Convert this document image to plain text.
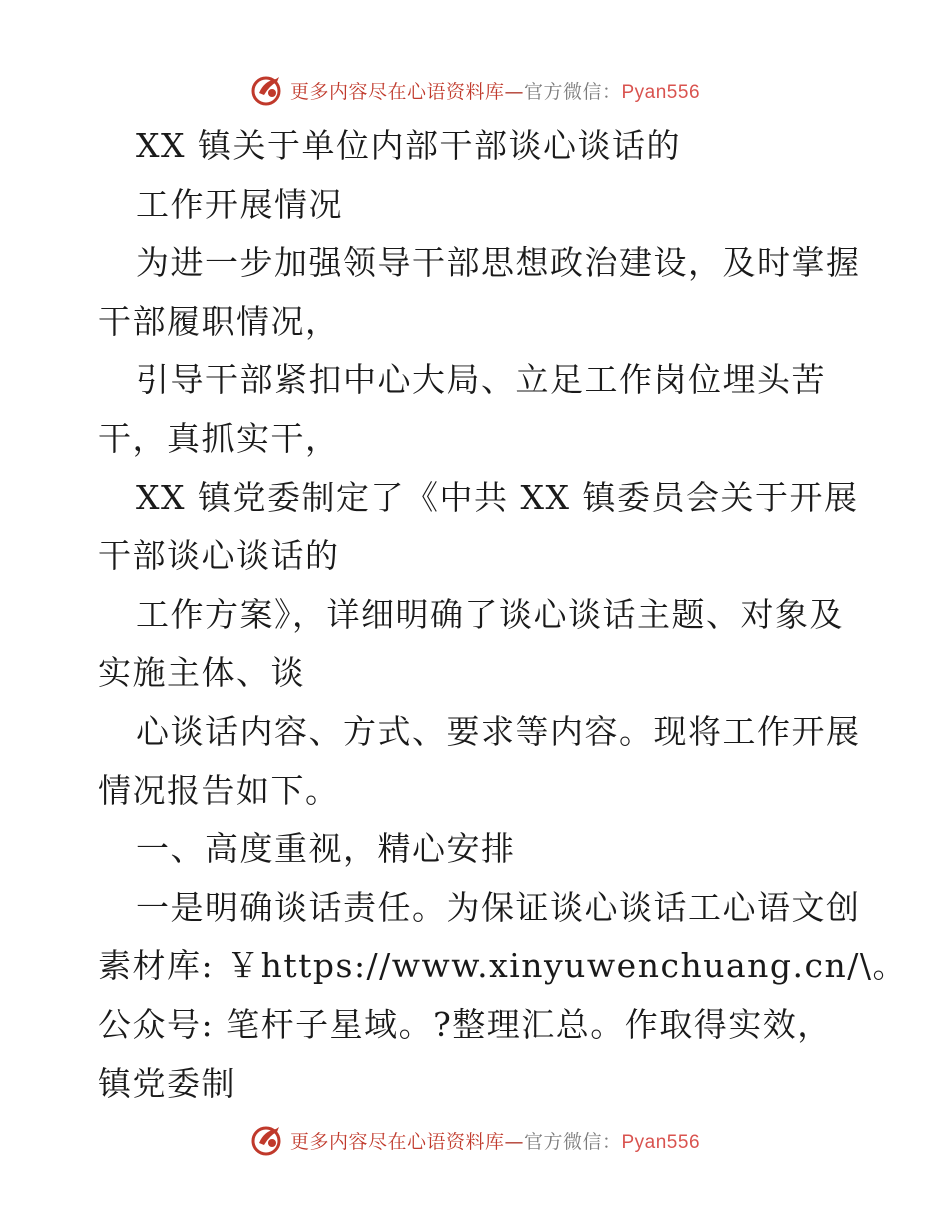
更多内容尽在心语资料库—官方微信：Pyan556
XX 镇关于单位内部干部谈心谈话的
工作开展情况
为进一步加强领导干部思想政治建设，及时掌握
干部履职情况，
引导干部紧扣中心大局、立足工作岗位埋头苦
干，真抓实干，
XX 镇党委制定了《中共 XX 镇委员会关于开展
干部谈心谈话的
工作方案》，详细明确了谈心谈话主题、对象及
实施主体、谈
心谈话内容、方式、要求等内容。现将工作开展
情况报告如下。
一、高度重视，精心安排
一是明确谈话责任。为保证谈心谈话工心语文创
素材库: ￥https://www.xinyuwenchuang.cn/\。
公众号: 笔杆子星域。?整理汇总。作取得实效，
镇党委制
更多内容尽在心语资料库—官方微信：Pyan556
